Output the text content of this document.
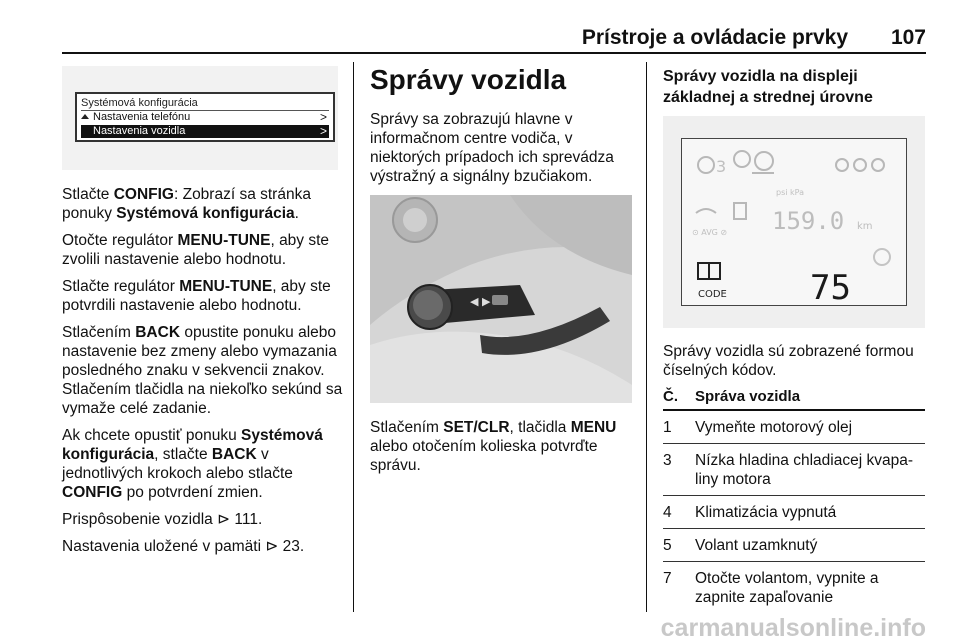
Prístroje a ovládacie prvky 107
Systémová konfigurácia
Nastavenia telefónu	>
Nastavenia vozidla	>

Stlačte CONFIG: Zobrazí sa stránka ponuky Systémová konfigurácia.

Otočte regulátor MENU-TUNE, aby ste zvolili nastavenie alebo hodnotu.

Stlačte regulátor MENU-TUNE, aby ste potvrdili nastavenie alebo hodnotu.

Stlačením BACK opustite ponuku alebo nastavenie bez zmeny alebo vymazania posledného znaku v sekvencii znakov. Stlačením tlačidla na niekoľko sekúnd sa vymaže celé zadanie.

Ak chcete opustiť ponuku Systémová konfigurácia, stlačte BACK v jednotlivých krokoch alebo stlačte CONFIG po potvrdení zmien.

Prispôsobenie vozidla ⊳ 111.

Nastavenia uložené v pamäti ⊳ 23.

Správy vozidla

Správy sa zobrazujú hlavne v informačnom centre vodiča, v niektorých prípadoch ich sprevádza výstražný a signálny bzučiakom.

◀ ▶

Stlačením SET/CLR, tlačidla MENU alebo otočením kolieska potvrďte správu.

Správy vozidla na displeji základnej a strednej úrovne
3
psi kPa
⊙ AVG ⊘ 159.0 km
CODE 75

Správy vozidla sú zobrazené formou číselných kódov.

Č.	Správa vozidla
1	Vymeňte motorový olej
3	Nízka hladina chladiacej kvapa-liny motora
4	Klimatizácia vypnutá
5	Volant uzamknutý
7	Otočte volantom, vypnite a zapnite zapaľovanie
carmanualsonline.info
